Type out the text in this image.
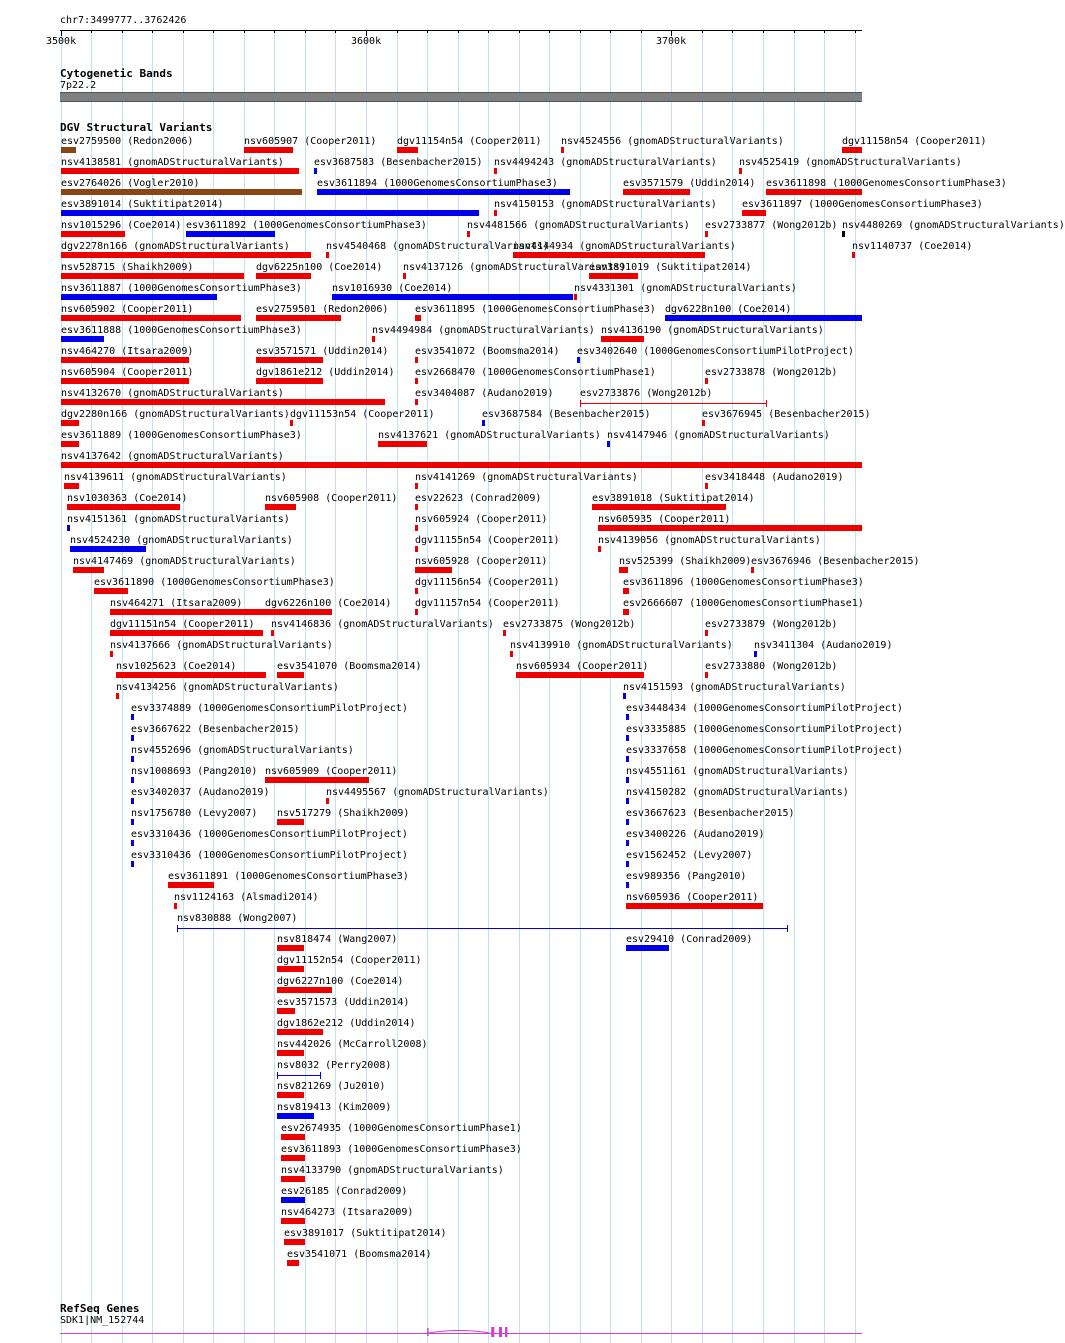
chr7:3499777..3762426
3500k	3600k	3700k
Cytogenetic Bands
7p22.2
DGV Structural Variants
esv2759500 (Redon2006)	nsv605907 (Cooper2011) dgv11154n54 (Cooper2011) nsv4524556 (gnomADStructuralVariants)	dgv11158n54 (Cooper2011)
nsv4138581 (gnomADStructuralVariants)	esv3687583 (Besenbacher2015) nsv4494243 (gnomADStructuralVariants) nsv4525419 (gnomADStructuralVariants)
esv2764026 (Vogler2010)	esv3611894 (1000GenomesConsortiumPhase3)	esv3571579 (Uddin2014) esv3611898 (1000GenomesConsortiumPhase3)
esv3891014 (Suktitipat2014)	nsv4150153 (gnomADStructuralVariants)	esv3611897 (1000GenomesConsortiumPhase3)
nsv1015296 (Coe2014) esv3611892 (1000GenomesConsortiumPhase3)	nsv4481566 (gnomADStructuralVariants) esv2733877 (Wong2012b) nsv4480269 (gnomADStructuralVariants)
dgv2278n166 (gnomADStructuralVariants)	nsv4540468 (gnomADStructuralVariants)
nsv4144934 (gnomADStructuralVariants)	nsv1140737 (Coe2014)
nsv528715 (Shaikh2009)	dgv6225n100 (Coe2014) nsv4137126 (gnomADStructuralVariants)
esv3891019 (Suktitipat2014)
nsv3611887 (1000GenomesConsortiumPhase3)	nsv1016930 (Coe2014)	nsv4331301 (gnomADStructuralVariants)
nsv605902 (Cooper2011)	esv2759501 (Redon2006)	esv3611895 (1000GenomesConsortiumPhase3) dgv6228n100 (Coe2014)
esv3611888 (1000GenomesConsortiumPhase3)	nsv4494984 (gnomADStructuralVariants) nsv4136190 (gnomADStructuralVariants)
nsv464270 (Itsara2009)	esv3571571 (Uddin2014)	esv3541072 (Boomsma2014) esv3402640 (1000GenomesConsortiumPilotProject)
nsv605904 (Cooper2011)	dgv1861e212 (Uddin2014) esv2668470 (1000GenomesConsortiumPhase1)	esv2733878 (Wong2012b)
nsv4132670 (gnomADStructuralVariants)	esv3404087 (Audano2019)	esv2733876 (Wong2012b)
dgv2280n166 (gnomADStructuralVariants) dgv11153n54 (Cooper2011)	esv3687584 (Besenbacher2015)	esv3676945 (Besenbacher2015)
esv3611889 (1000GenomesConsortiumPhase3)	nsv4137621 (gnomADStructuralVariants) nsv4147946 (gnomADStructuralVariants)
nsv4137642 (gnomADStructuralVariants)
nsv4139611 (gnomADStructuralVariants)	nsv4141269 (gnomADStructuralVariants)	esv3418448 (Audano2019)
nsv1030363 (Coe2014)	nsv605908 (Cooper2011) esv22623 (Conrad2009)	esv3891018 (Suktitipat2014)
nsv4151361 (gnomADStructuralVariants)	nsv605924 (Cooper2011)	nsv605935 (Cooper2011)
nsv4524230 (gnomADStructuralVariants)	dgv11155n54 (Cooper2011)	nsv4139056 (gnomADStructuralVariants)
nsv4147469 (gnomADStructuralVariants)	nsv605928 (Cooper2011)	nsv525399 (Shaikh2009) esv3676946 (Besenbacher2015)
esv3611890 (1000GenomesConsortiumPhase3)	dgv11156n54 (Cooper2011)	esv3611896 (1000GenomesConsortiumPhase3)
nsv464271 (Itsara2009) dgv6226n100 (Coe2014) dgv11157n54 (Cooper2011)	esv2666607 (1000GenomesConsortiumPhase1)
dgv11151n54 (Cooper2011) nsv4146836 (gnomADStructuralVariants) esv2733875 (Wong2012b)	esv2733879 (Wong2012b)
nsv4137666 (gnomADStructuralVariants)	nsv4139910 (gnomADStructuralVariants) nsv3411304 (Audano2019)
nsv1025623 (Coe2014)	esv3541070 (Boomsma2014)	nsv605934 (Cooper2011)	esv2733880 (Wong2012b)
nsv4134256 (gnomADStructuralVariants)	nsv4151593 (gnomADStructuralVariants)
esv3374889 (1000GenomesConsortiumPilotProject)	esv3448434 (1000GenomesConsortiumPilotProject)
esv3667622 (Besenbacher2015)	esv3335885 (1000GenomesConsortiumPilotProject)
nsv4552696 (gnomADStructuralVariants)	esv3337658 (1000GenomesConsortiumPilotProject)
nsv1008693 (Pang2010) nsv605909 (Cooper2011)	nsv4551161 (gnomADStructuralVariants)
esv3402037 (Audano2019)	nsv4495567 (gnomADStructuralVariants)	nsv4150282 (gnomADStructuralVariants)
nsv1756780 (Levy2007) nsv517279 (Shaikh2009)	esv3667623 (Besenbacher2015)
esv3310436 (1000GenomesConsortiumPilotProject)	esv3400226 (Audano2019)
esv3310436 (1000GenomesConsortiumPilotProject)	esv1562452 (Levy2007)
esv3611891 (1000GenomesConsortiumPhase3)	esv989356 (Pang2010)
nsv1124163 (Alsmadi2014)	nsv605936 (Cooper2011)
nsv830888 (Wong2007)
nsv818474 (Wang2007)	esv29410 (Conrad2009)
dgv11152n54 (Cooper2011)
dgv6227n100 (Coe2014)
esv3571573 (Uddin2014)
dgv1862e212 (Uddin2014)
nsv442026 (McCarroll2008)
nsv8032 (Perry2008)
nsv821269 (Ju2010)
nsv819413 (Kim2009)
esv2674935 (1000GenomesConsortiumPhase1)
esv3611893 (1000GenomesConsortiumPhase3)
nsv4133790 (gnomADStructuralVariants)
esv26185 (Conrad2009)
nsv464273 (Itsara2009)
esv3891017 (Suktitipat2014)
esv3541071 (Boomsma2014)
RefSeq Genes
SDK1|NM_152744
